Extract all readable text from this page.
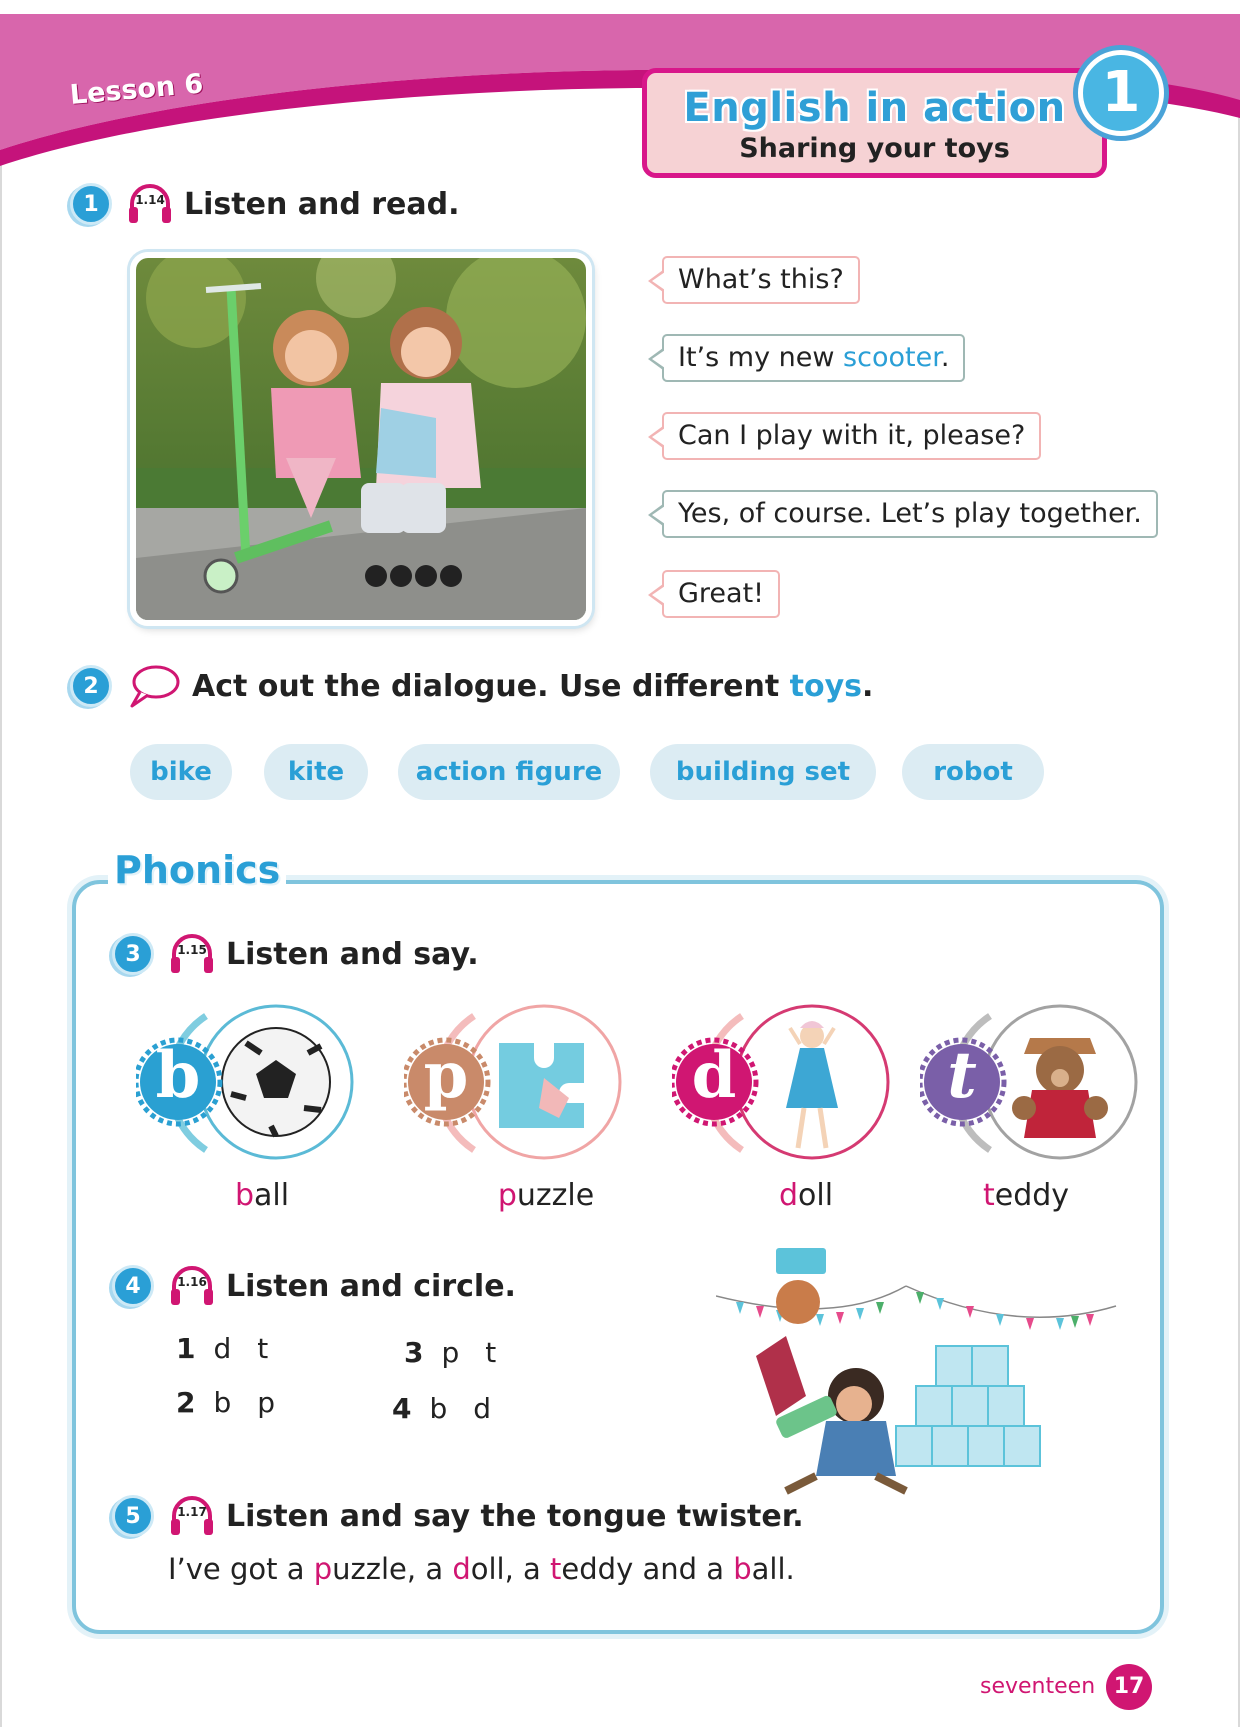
Lesson 6	English in action
Sharing your toys
1
1	1.14 Listen and read.
What’s this?
It’s my new scooter.
Can I play with it, please?
Yes, of course. Let’s play together.
Great!
2	Act out the dialogue. Use different toys.
bike	kite	action figure	building set	robot
Phonics
3	1.15 Listen and say.
b
ball
p
puzzle
d
doll
t
teddy
4	1.16 Listen and circle.
1 d t
2 b p
3 p t
4 b d
5	1.17 Listen and say the tongue twister.
I’ve got a puzzle, a doll, a teddy and a ball.
seventeen 17
